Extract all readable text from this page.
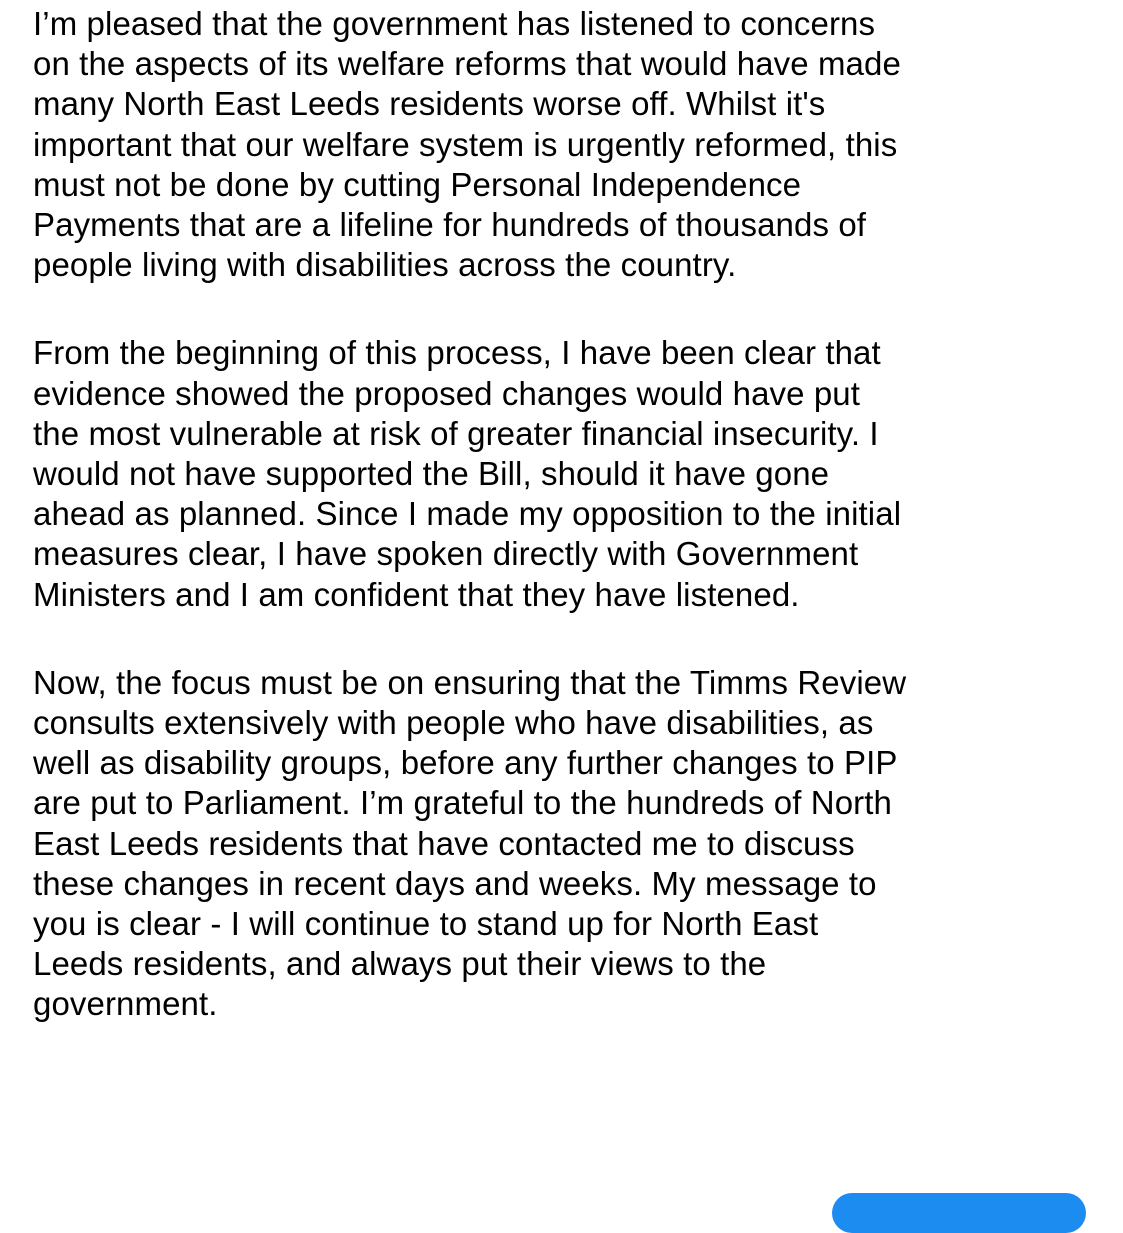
I’m pleased that the government has listened to concerns
on the aspects of its welfare reforms that would have made
many North East Leeds residents worse off. Whilst it's
important that our welfare system is urgently reformed, this
must not be done by cutting Personal Independence
Payments that are a lifeline for hundreds of thousands of
people living with disabilities across the country.
From the beginning of this process, I have been clear that
evidence showed the proposed changes would have put
the most vulnerable at risk of greater financial insecurity. I
would not have supported the Bill, should it have gone
ahead as planned. Since I made my opposition to the initial
measures clear, I have spoken directly with Government
Ministers and I am confident that they have listened.
Now, the focus must be on ensuring that the Timms Review
consults extensively with people who have disabilities, as
well as disability groups, before any further changes to PIP
are put to Parliament. I’m grateful to the hundreds of North
East Leeds residents that have contacted me to discuss
these changes in recent days and weeks. My message to
you is clear - I will continue to stand up for North East
Leeds residents, and always put their views to the
government.
